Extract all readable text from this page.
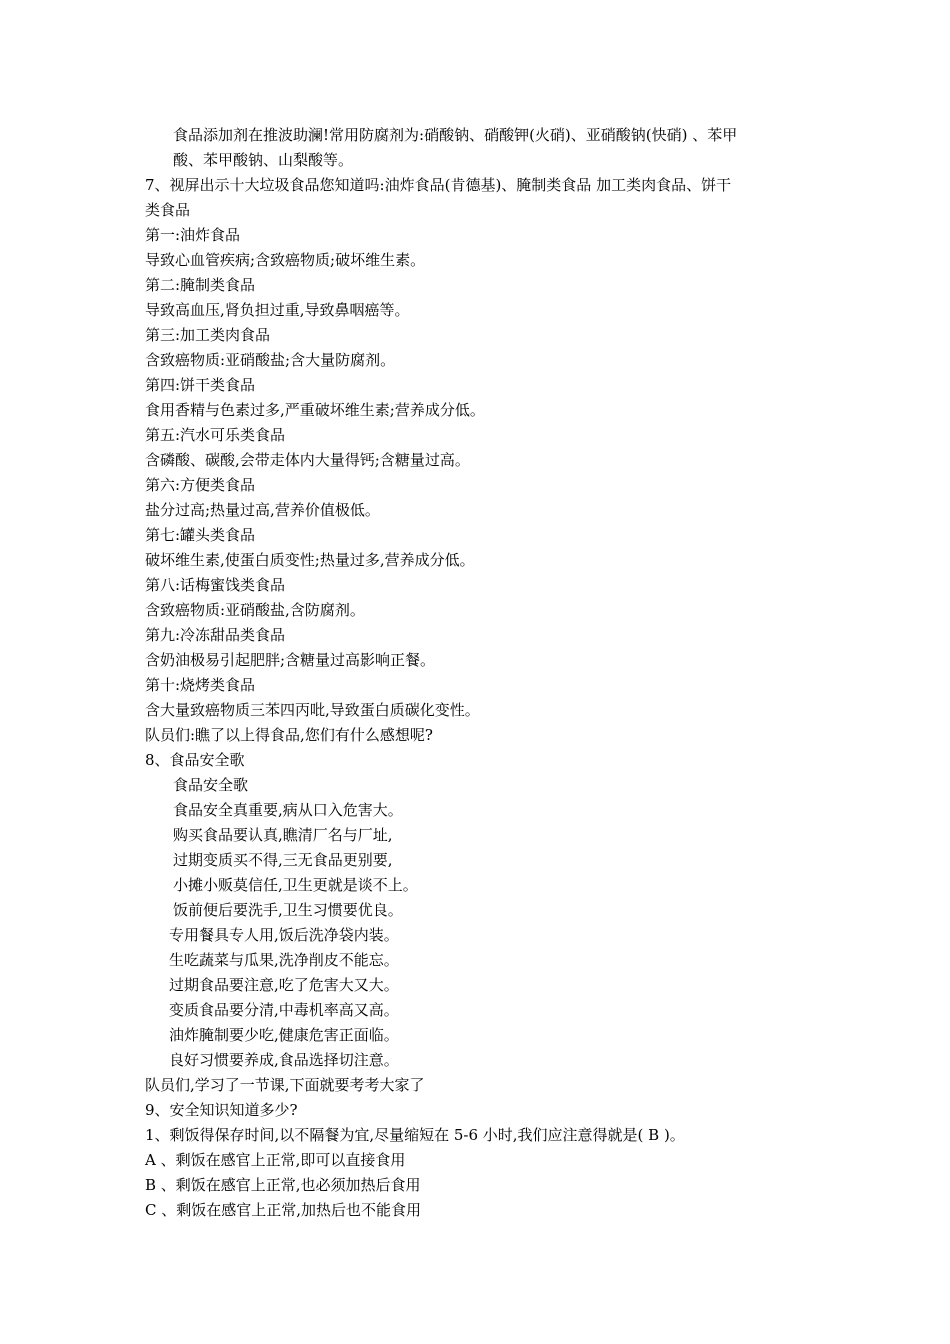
食品添加剂在推波助澜!常用防腐剂为:硝酸钠、硝酸钾(火硝)、亚硝酸钠(快硝) 、苯甲
酸、苯甲酸钠、山梨酸等。
7、视屏出示十大垃圾食品您知道吗:油炸食品(肯德基)、腌制类食品 加工类肉食品、饼干
类食品
第一:油炸食品
导致心血管疾病;含致癌物质;破坏维生素。
第二:腌制类食品
导致高血压,肾负担过重,导致鼻咽癌等。
第三:加工类肉食品
含致癌物质:亚硝酸盐;含大量防腐剂。
第四:饼干类食品
食用香精与色素过多,严重破坏维生素;营养成分低。
第五:汽水可乐类食品
含磷酸、碳酸,会带走体内大量得钙;含糖量过高。
第六:方便类食品
盐分过高;热量过高,营养价值极低。
第七:罐头类食品
破坏维生素,使蛋白质变性;热量过多,营养成分低。
第八:话梅蜜饯类食品
含致癌物质:亚硝酸盐,含防腐剂。
第九:冷冻甜品类食品
含奶油极易引起肥胖;含糖量过高影响正餐。
第十:烧烤类食品
含大量致癌物质三苯四丙吡,导致蛋白质碳化变性。
队员们:瞧了以上得食品,您们有什么感想呢?
8、食品安全歌
食品安全歌
食品安全真重要,病从口入危害大。
购买食品要认真,瞧清厂名与厂址,
过期变质买不得,三无食品更别要,
小摊小贩莫信任,卫生更就是谈不上。
饭前便后要洗手,卫生习惯要优良。
专用餐具专人用,饭后洗净袋内装。
生吃蔬菜与瓜果,洗净削皮不能忘。
过期食品要注意,吃了危害大又大。
变质食品要分清,中毒机率高又高。
油炸腌制要少吃,健康危害正面临。
良好习惯要养成,食品选择切注意。
队员们,学习了一节课,下面就要考考大家了
9、安全知识知道多少?
1、剩饭得保存时间,以不隔餐为宜,尽量缩短在 5-6 小时,我们应注意得就是( B )。
A 、剩饭在感官上正常,即可以直接食用
B 、剩饭在感官上正常,也必须加热后食用
C 、剩饭在感官上正常,加热后也不能食用
